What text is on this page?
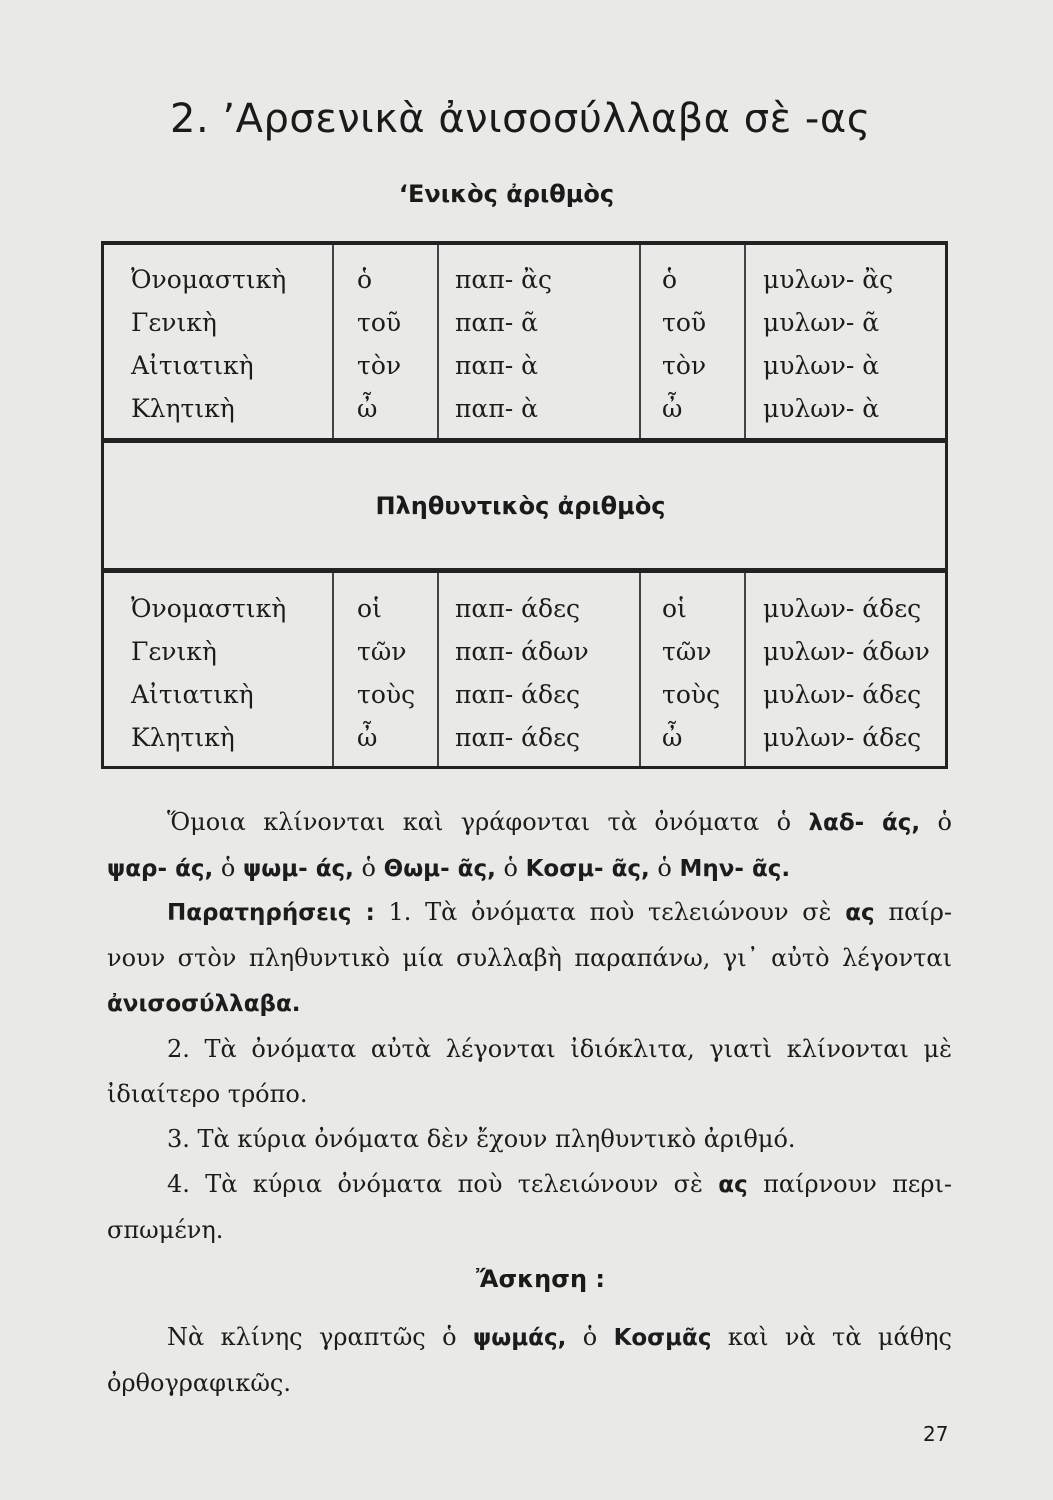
2. ’Αρσενικὰ ἀνισοσύλλαβα σὲ -ας
‘Ενικὸς ἀριθμὸς
Ὀνομαστικὴ	ὁ	παπ- ἂς	ὁ	μυλων- ἂς
Γενικὴ	τοῦ παπ- ᾶ	τοῦ μυλων- ᾶ
Αἰτιατικὴ	τὸν παπ- ὰ	τὸν μυλων- ὰ
Κλητικὴ	ὦ	παπ- ὰ	ὦ	μυλων- ὰ
Πληθυντικὸς ἀριθμὸς
Ὀνομαστικὴ	οἱ	παπ- άδες	οἱ	μυλων- άδες
Γενικὴ	τῶν παπ- άδων	τῶν μυλων- άδων
Αἰτιατικὴ	τοὺς παπ- άδες	τοὺς μυλων- άδες
Κλητικὴ	ὦ	παπ- άδες	ὦ	μυλων- άδες
Ὅμοια κλίνονται καὶ γράφονται τὰ ὀνόματα ὁ λαδ- άς, ὁ
ψαρ- άς, ὁ ψωμ- άς, ὁ Θωμ- ᾶς, ὁ Κοσμ- ᾶς, ὁ Μην- ᾶς.
Παρατηρήσεις : 1. Τὰ ὀνόματα ποὺ τελειώνουν σὲ ας παίρ-
νουν στὸν πληθυντικὸ μία συλλαβὴ παραπάνω, γι᾿ αὐτὸ λέγονται
ἀνισοσύλλαβα.
2. Τὰ ὀνόματα αὐτὰ λέγονται ἰδιόκλιτα, γιατὶ κλίνονται μὲ
ἰδιαίτερο τρόπο.
3. Τὰ κύρια ὀνόματα δὲν ἔχουν πληθυντικὸ ἀριθμό.
4. Τὰ κύρια ὀνόματα ποὺ τελειώνουν σὲ ας παίρνουν περι-
σπωμένη.
Ἄσκηση :
Νὰ κλίνης γραπτῶς ὁ ψωμάς, ὁ Κοσμᾶς καὶ νὰ τὰ μάθης
ὀρθογραφικῶς.
27
